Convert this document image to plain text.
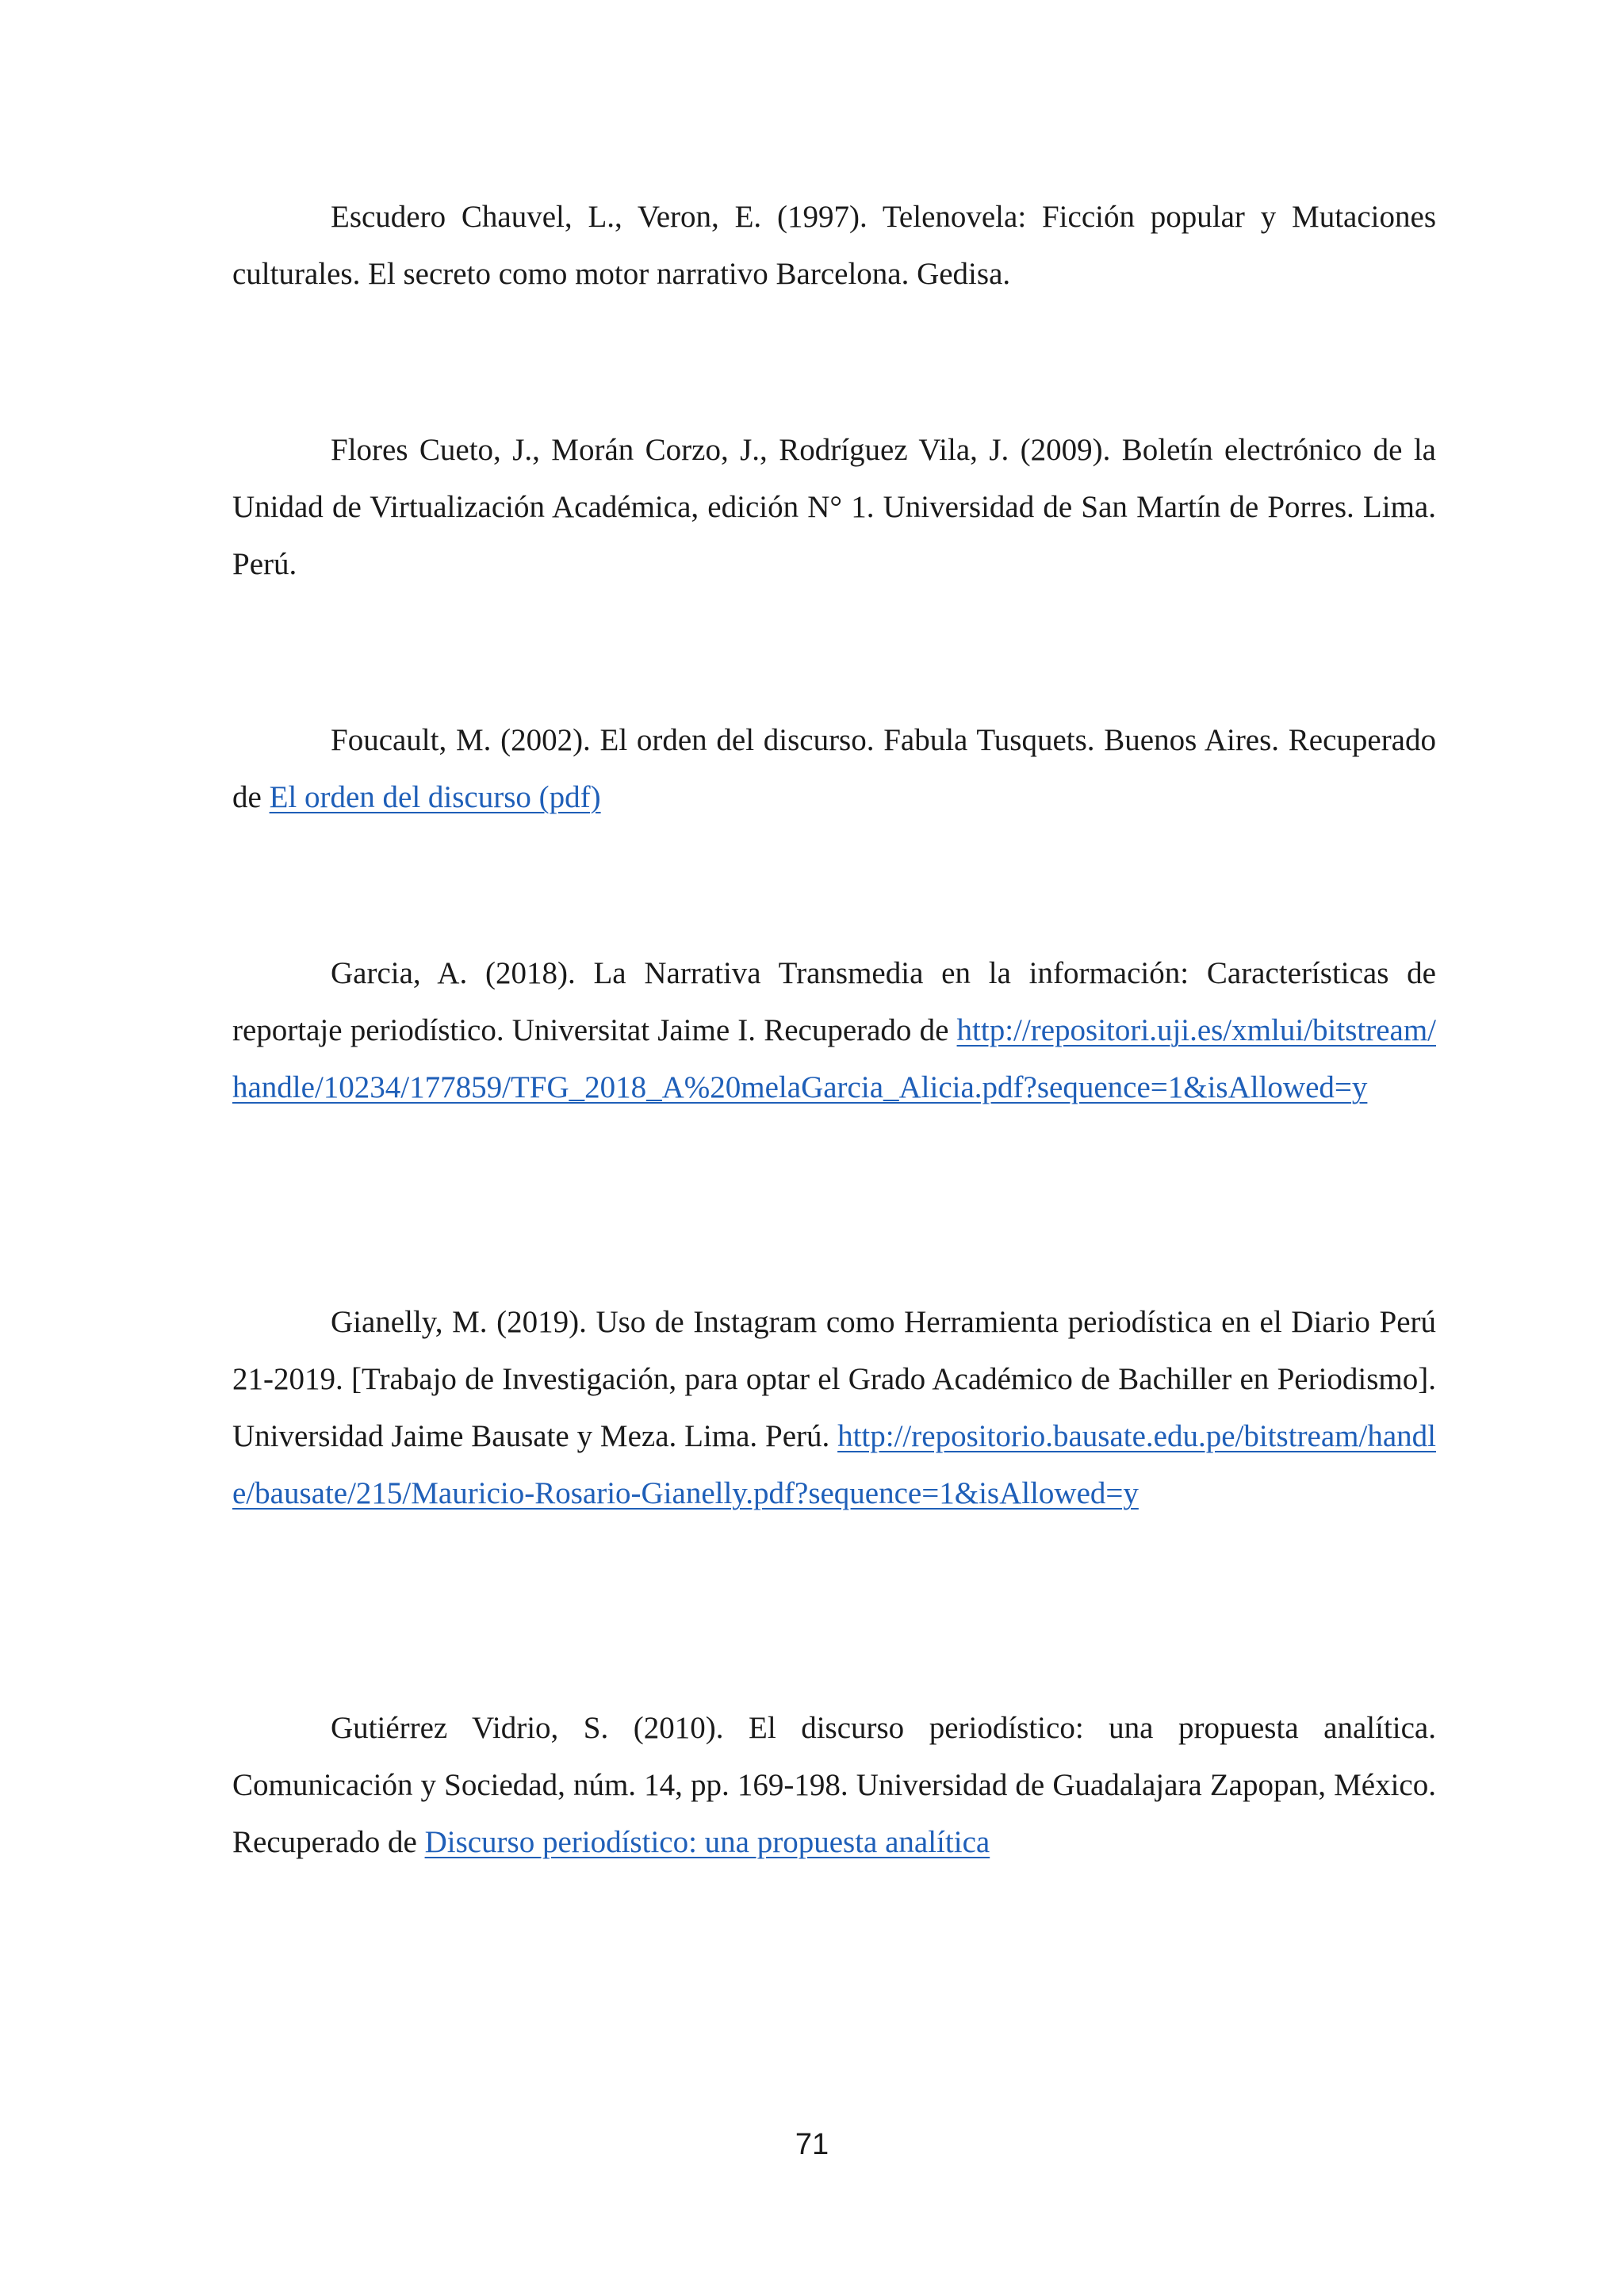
Escudero Chauvel, L., Veron, E. (1997). Telenovela: Ficción popular y Mutaciones culturales. El secreto como motor narrativo Barcelona. Gedisa.

Flores Cueto, J., Morán Corzo, J., Rodríguez Vila, J. (2009). Boletín electrónico de la Unidad de Virtualización Académica, edición N° 1. Universidad de San Martín de Porres. Lima. Perú.

Foucault, M. (2002). El orden del discurso. Fabula Tusquets. Buenos Aires. Recuperado de El orden del discurso (pdf)

Garcia, A. (2018). La Narrativa Transmedia en la información: Características de reportaje periodístico. Universitat Jaime I. Recuperado de http://repositori.uji.es/xmlui/bitstream/handle/10234/177859/TFG_2018_A%20melaGarcia_Alicia.pdf?sequence=1&isAllowed=y

Gianelly, M. (2019). Uso de Instagram como Herramienta periodística en el Diario Perú 21-2019. [Trabajo de Investigación, para optar el Grado Académico de Bachiller en Periodismo]. Universidad Jaime Bausate y Meza. Lima. Perú. http://repositorio.bausate.edu.pe/bitstream/handle/bausate/215/Mauricio-Rosario-Gianelly.pdf?sequence=1&isAllowed=y

Gutiérrez Vidrio, S. (2010). El discurso periodístico: una propuesta analítica. Comunicación y Sociedad, núm. 14, pp. 169-198. Universidad de Guadalajara Zapopan, México. Recuperado de Discurso periodístico: una propuesta analítica

71
